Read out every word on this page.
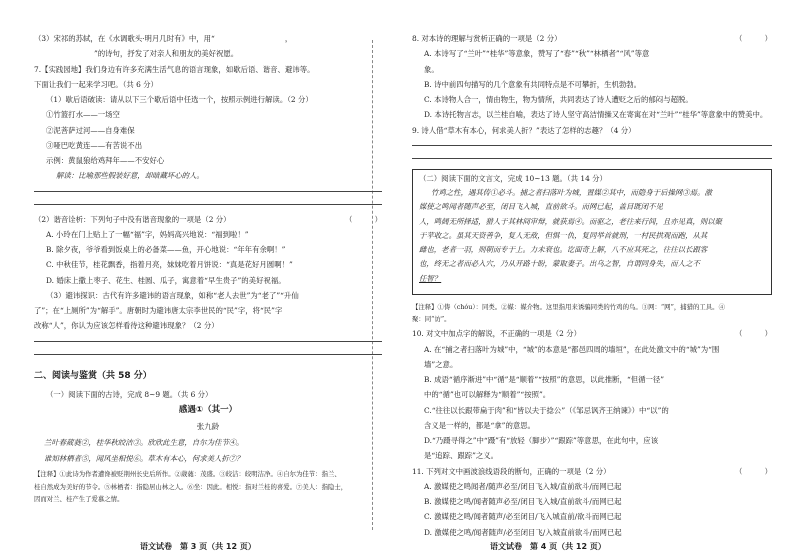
（3）宋祁的苏轼，在《水调歌头·明月几时有》中，用“	，
”的诗句，抒发了对亲人和朋友的美好祝愿。
7.【实践园地】我们身边有许多充满生活气息的语言现象，如歇后语、谐音、避讳等。
下面让我们一起来学习吧。（共 6 分）
（1）歇后语破读：请从以下三个歇后语中任选一个，按照示例进行解读。（2 分）
①竹篮打水——一场空
②泥菩萨过河——自身难保
③哑巴吃黄连——有苦说不出
示例：黄鼠狼给鸡拜年——不安好心
解读：比喻那些假装好意，却暗藏坏心的人。
（2）谐音诠析：下列句子中没有谐音现象的一项是（2 分）	（　　　）
A. 小玲在门上贴上了一幅“福”字，妈妈高兴地说：“福到啦！”
B. 除夕夜，爷爷看到饭桌上的必备菜——鱼，开心地说：“年年有余啊！”
C. 中秋佳节，桂花飘香，指着月亮，妹妹吃着月饼说：“真是花好月圆啊！”
D. 婚床上撒上枣子、花生、桂圆、瓜子，寓意着“早生贵子”的美好祝福。
（3）避讳探识：古代有许多避讳的语言现象，如称“老人去世”为“老了”“升仙
了”；在“上厕所”为“解手”。唐朝时为避讳唐太宗李世民的“民”字，将“民”字
改称“人”，你认为应该怎样看待这种避讳现象？（2 分）
二、阅读与鉴赏（共 58 分）
（一）阅读下面的古诗，完成 8~9 题。（共 6 分）
感遇①（其一）
张九龄
兰叶春葳蕤②，桂华秋皎洁③。欣欣此生意，自尔为佳节④。
谁知林栖者⑤，闻风坐相悦⑥。草木有本心，何求美人折⑦？
【注释】①此诗为作者遭谗被贬荆州长史后所作。②葳蕤：茂盛。③皎洁：皎明洁净。④自尔为佳节：指兰、
桂自然成为美好的节令。⑤林栖者：指隐居山林之人。⑥坐：因此。相悦：指对兰桂的喜爱。⑦美人：指隐士，
因而对兰、桂产生了爱慕之情。
语文试卷　第 3 页（共 12 页）
8. 对本诗的理解与赏析正确的一项是（2 分）	（　　　）
A. 本诗写了“兰叶”“桂华”等意象，赞写了“春”“秋”“林栖者”“风”等意
象。
B. 诗中前四句描写的几个意象有共同特点是不可攀折，生机勃勃。
C. 本诗物人合一，情由物生，物为情所，共同表达了诗人遭贬之后的郁闷与超脱。
D. 本诗托物言志，以兰桂自喻，表达了诗人坚守高洁情操又在寄寓在对“兰叶”“桂华”等意象中的赞美中。
9. 诗人借“草木有本心，何求美人折？”表达了怎样的志趣？（4 分）
（二）阅读下面的文言文，完成 10~13 题。（共 14 分）
竹鸡之性，遇其俦①必斗。捕之者扫落叶为城，置媒②其中，而隐身于后操网③焉。激
媒使之鸣闻者随声必至，闭目飞入城，直前欲斗。而网已起，盖目既闭不见
人，鸣阔无所择适，猎人于其林间审辩，就获焉④。而驱之，老往来行间，且亦见真，则以聚
于苹收之。虽其天资善争，复人无敌，但惧一仇，复同举首就刑，一村民拱观而跑，从其
雌也，老者一羽，则朝而专于上。力未衰也。讫面奇上解，八不应其死之，往往以长跟客
也，终无之者而必入穴，乃从开路十盼，蒙取妻子。出乌之智，自谓同身失，而人之不
任智？
【注释】①俦（chóu）：同类。②媒：媒介物。这里指用来诱骗同类的竹鸡的鸟。③网：“网”，捕猎的工具。④
聚：同“访”。
10. 对文中加点字的解说，不正确的一项是（2 分）	（　　　）
A. 在“捕之者扫落叶为城”中，“城”的本意是“都邑四周的墙垣”，在此处激文中的“城”为“围
墙”之意。
B. 成语“循序渐进”中“循”是“顺着”“按照”的意思，以此推断，“但循一径”
中的“循”也可以解释为“顺着”“按照”。
C.“往往以长跟带扁于肉”和“皆以夫于捻公”（《邹忌讽齐王纳谏》）中“以”的
含义是一样的，都是“拿”的意思。
D.“乃蹑寻得之”中“蹑”有“放轻（脚步）”“跟踪”等意思，在此句中，应该
是“追踪、跟踪”之义。
11. 下列对文中画波浪线语段的断句，正确的一项是（2 分）	（　　　）
A. 激媒使之鸣闻者/随声必至/闭目飞入城/直前欲斗/而网已起
B. 激媒使之鸣/闻者随声必至/闭目飞入城/直前欲斗/而网已起
C. 激媒使之鸣/闻者随声/必至闭目/飞入城直前/欲斗而网已起
D. 激媒使之鸣/闻者随声/必至闭目飞/入城直前欲斗/而网已起
语文试卷　第 4 页（共 12 页）
